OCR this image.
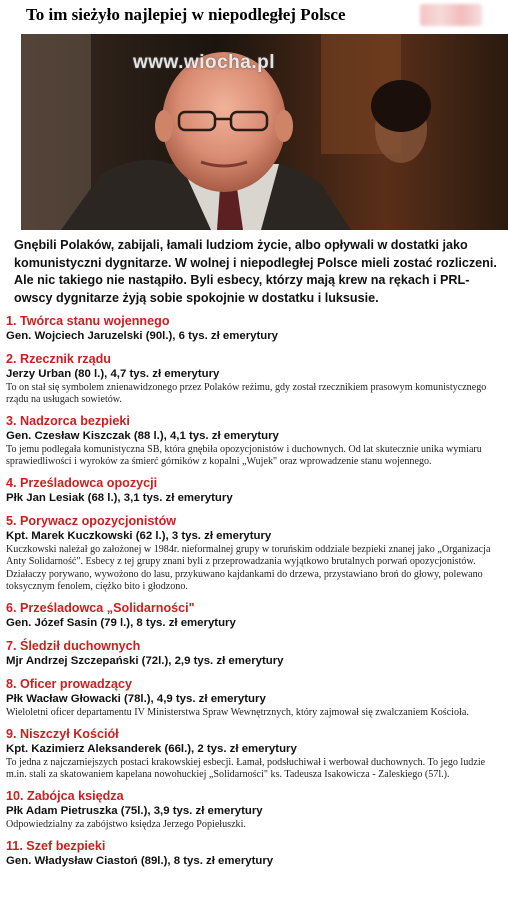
To im sieżyło najlepiej w niepodległej Polsce
www.wiocha.pl
Gnębili Polaków, zabijali, łamali ludziom życie, albo opływali w dostatki jako komunistyczni dygnitarze. W wolnej i niepodległej Polsce mieli zostać rozliczeni. Ale nic takiego nie nastąpiło. Byli esbecy, którzy mają krew na rękach i PRL-owscy dygnitarze żyją sobie spokojnie w dostatku i luksusie.
1. Twórca stanu wojennego
Gen. Wojciech Jaruzelski (90l.), 6 tys. zł emerytury
2. Rzecznik rządu
Jerzy Urban (80 l.), 4,7 tys. zł emerytury
To on stał się symbolem znienawidzonego przez Polaków reżimu, gdy został rzecznikiem prasowym komunistycznego rządu na usługach sowietów.
3. Nadzorca bezpieki
Gen. Czesław Kiszczak (88 l.), 4,1 tys. zł emerytury
To jemu podlegała komunistyczna SB, która gnębiła opozycjonistów i duchownych. Od lat skutecznie unika wymiaru sprawiedliwości i wyroków za śmierć górników z kopalni „Wujek" oraz wprowadzenie stanu wojennego.
4. Prześladowca opozycji
Płk Jan Lesiak (68 l.), 3,1 tys. zł emerytury
5. Porywacz opozycjonistów
Kpt. Marek Kuczkowski (62 l.), 3 tys. zł emerytury
Kuczkowski należał go założonej w 1984r. nieformalnej grupy w toruńskim oddziale bezpieki znanej jako „Organizacja Anty Solidarność". Esbecy z tej grupy znani byli z przeprowadzania wyjątkowo brutalnych porwań opozycjonistów. Działaczy porywano, wywożono do lasu, przykuwano kajdankami do drzewa, przystawiano broń do głowy, polewano toksycznym fenolem, ciężko bito i głodzono.
6. Prześladowca „Solidarności"
Gen. Józef Sasin (79 l.), 8 tys. zł emerytury
7. Śledził duchownych
Mjr Andrzej Szczepański (72l.), 2,9 tys. zł emerytury
8. Oficer prowadzący
Płk Wacław Głowacki (78l.), 4,9 tys. zł emerytury
Wieloletni oficer departamentu IV Ministerstwa Spraw Wewnętrznych, który zajmował się zwalczaniem Kościoła.
9. Niszczył Kościół
Kpt. Kazimierz Aleksanderek (66l.), 2 tys. zł emerytury
To jedna z najczarniejszych postaci krakowskiej esbecji. Łamał, podsłuchiwał i werbował duchownych. To jego ludzie m.in. stali za skatowaniem kapelana nowohuckiej „Solidarności" ks. Tadeusza Isakowicza - Zaleskiego (57l.).
10. Zabójca księdza
Płk Adam Pietruszka (75l.), 3,9 tys. zł emerytury
Odpowiedzialny za zabójstwo księdza Jerzego Popiełuszki.
11. Szef bezpieki
Gen. Władysław Ciastoń (89l.), 8 tys. zł emerytury
